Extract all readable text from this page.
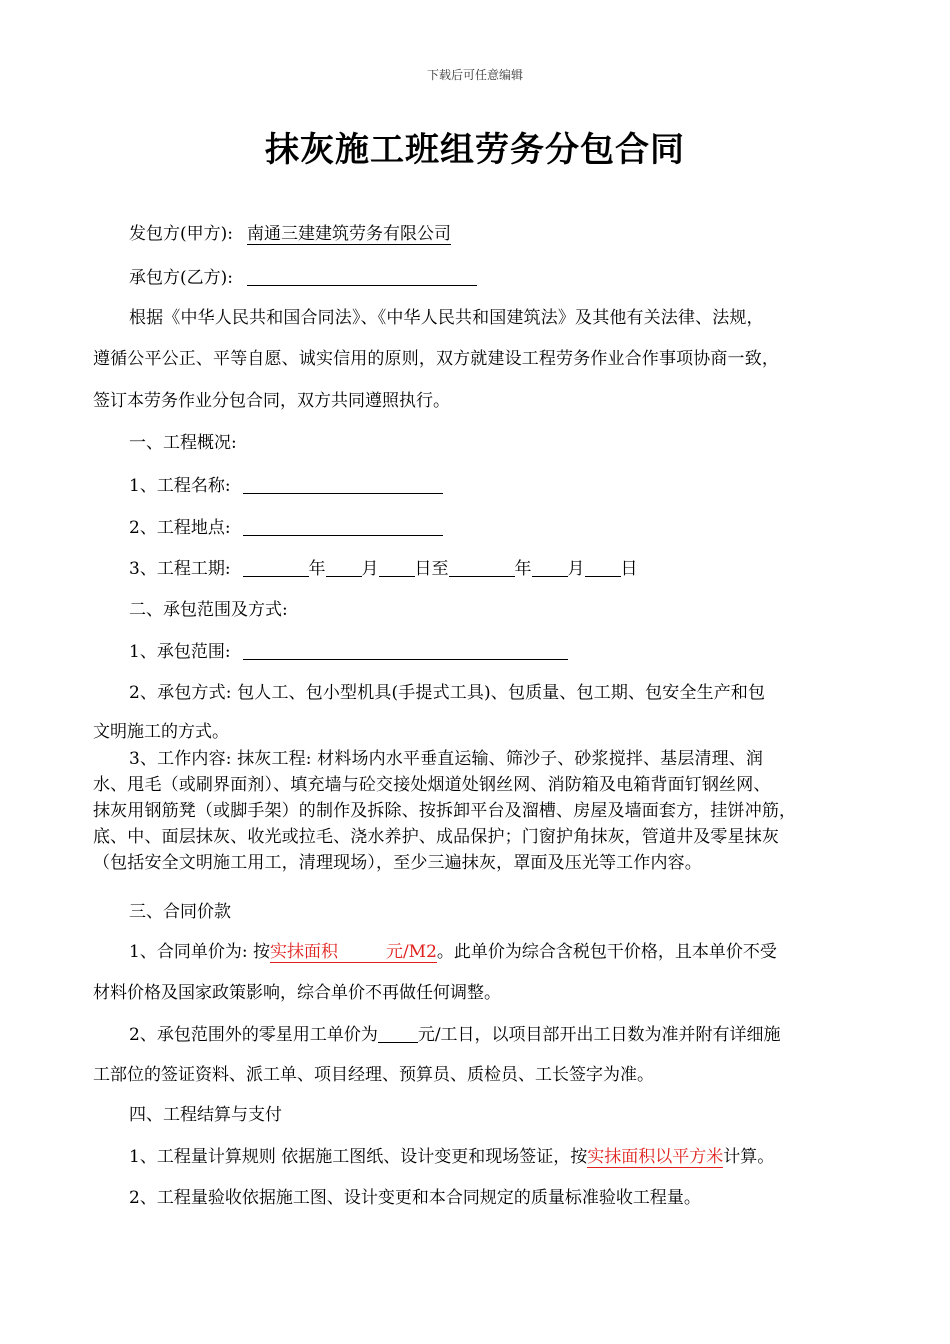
下载后可任意编辑
抹灰施工班组劳务分包合同
发包方(甲方): 南通三建建筑劳务有限公司
承包方(乙方):
根据《中华人民共和国合同法》、《中华人民共和国建筑法》及其他有关法律、法规，
遵循公平公正、平等自愿、诚实信用的原则，双方就建设工程劳务作业合作事项协商一致，
签订本劳务作业分包合同，双方共同遵照执行。
一、工程概况:
1、工程名称:
2、工程地点:
3、工程工期:	年 月 日至	年 月 日
二、承包范围及方式:
1、承包范围:
2、承包方式: 包人工、包小型机具(手提式工具)、包质量、包工期、包安全生产和包
文明施工的方式。
3、工作内容: 抹灰工程: 材料场内水平垂直运输、筛沙子、砂浆搅拌、基层清理、润
水、甩毛（或刷界面剂）、填充墙与砼交接处烟道处钢丝网、消防箱及电箱背面钉钢丝网、
抹灰用钢筋凳（或脚手架）的制作及拆除、按拆卸平台及溜槽、房屋及墙面套方，挂饼冲筋，
底、中、面层抹灰、收光或拉毛、浇水养护、成品保护；门窗护角抹灰，管道井及零星抹灰
（包括安全文明施工用工，清理现场），至少三遍抹灰，罩面及压光等工作内容。
三、合同价款
1、合同单价为: 按实抹面积	元/M2。此单价为综合含税包干价格，且本单价不受
材料价格及国家政策影响，综合单价不再做任何调整。
2、承包范围外的零星用工单价为 元/工日，以项目部开出工日数为准并附有详细施
工部位的签证资料、派工单、项目经理、预算员、质检员、工长签字为准。
四、工程结算与支付
1、工程量计算规则 依据施工图纸、设计变更和现场签证，按实抹面积以平方米计算。
2、工程量验收依据施工图、设计变更和本合同规定的质量标准验收工程量。
